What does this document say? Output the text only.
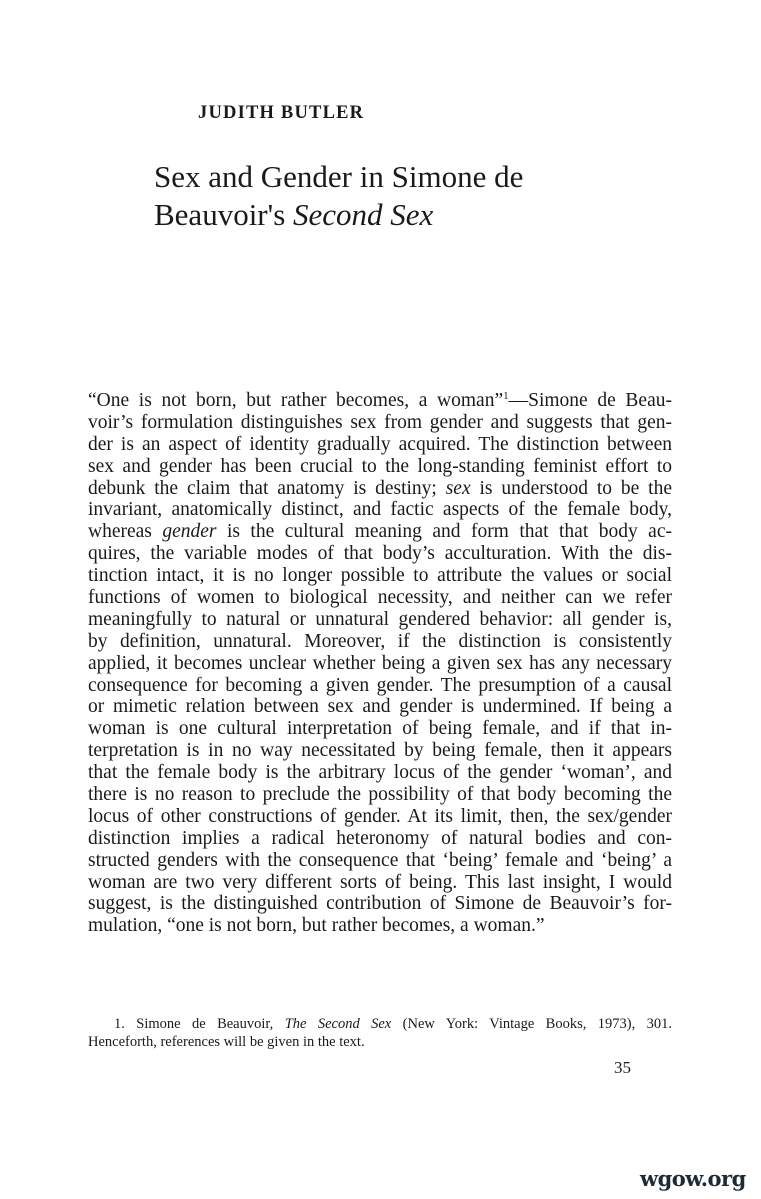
JUDITH BUTLER
Sex and Gender in Simone de
Beauvoir's Second Sex
“One is not born, but rather becomes, a woman”$^1$—Simone de Beau-
voir’s formulation distinguishes sex from gender and suggests that gen-
der is an aspect of identity gradually acquired. The distinction between
sex and gender has been crucial to the long-standing feminist effort to
debunk the claim that anatomy is destiny; sex is understood to be the
invariant, anatomically distinct, and factic aspects of the female body,
whereas gender is the cultural meaning and form that that body ac-
quires, the variable modes of that body’s acculturation. With the dis-
tinction intact, it is no longer possible to attribute the values or social
functions of women to biological necessity, and neither can we refer
meaningfully to natural or unnatural gendered behavior: all gender is,
by definition, unnatural. Moreover, if the distinction is consistently
applied, it becomes unclear whether being a given sex has any necessary
consequence for becoming a given gender. The presumption of a causal
or mimetic relation between sex and gender is undermined. If being a
woman is one cultural interpretation of being female, and if that in-
terpretation is in no way necessitated by being female, then it appears
that the female body is the arbitrary locus of the gender ‘woman’, and
there is no reason to preclude the possibility of that body becoming the
locus of other constructions of gender. At its limit, then, the sex/gender
distinction implies a radical heteronomy of natural bodies and con-
structed genders with the consequence that ‘being’ female and ‘being’ a
woman are two very different sorts of being. This last insight, I would
suggest, is the distinguished contribution of Simone de Beauvoir’s for-
mulation, “one is not born, but rather becomes, a woman.”
1. Simone de Beauvoir, The Second Sex (New York: Vintage Books, 1973), 301.
Henceforth, references will be given in the text.
35
wgow.org
